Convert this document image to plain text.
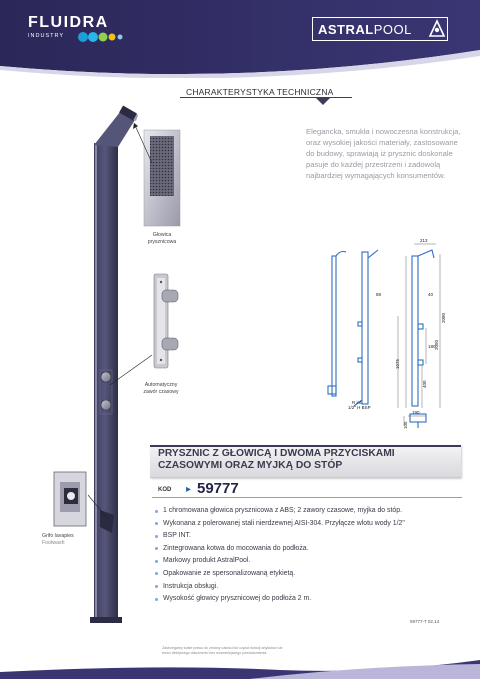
FLUIDRA
INDUSTRY	ASTRALPOOL
CHARAKTERYSTYKA TECHNICZNA
Elegancka, smukła i nowoczesna konstrukcja, oraz wysokiej jakości materiały, zastosowane do budowy, sprawiają iż prysznic doskonale pasuje do każdej przestrzeni i zadowolą najbardziej wymagających konsumentów.
Głowica
prysznicowa
Automatyczny
zawór czasowy
Grifo lavapies
Footwash
213
88	40
180
2050
2080
1075
400
190
105
R int.
1/2" H BSP
PRYSZNIC Z GŁOWICĄ I DWOMA PRZYCISKAMI CZASOWYMI ORAZ MYJKĄ DO STÓP
KOD ▸ 59777
1 chromowana głowica prysznicowa z ABS; 2 zawory czasowe, myjka do stóp.
Wykonana z polerowanej stali nierdzewnej AISI-304. Przyłącze wlotu wody 1/2"
BSP INT.
Zintegrowana kotwa do mocowania do podłoża.
Markowy produkt AstralPool.
Opakowanie ze spersonalizowaną etykietą.
Instrukcja obsługi.
Wysokość głowicy prysznicowej do podłoża 2 m.
59777-T 02.14
Zastrzegamy sobie prawo do zmiany całości lub części funkcji artykułów lub treści niniejszego dokumentu bez wcześniejszego powiadomienia.
